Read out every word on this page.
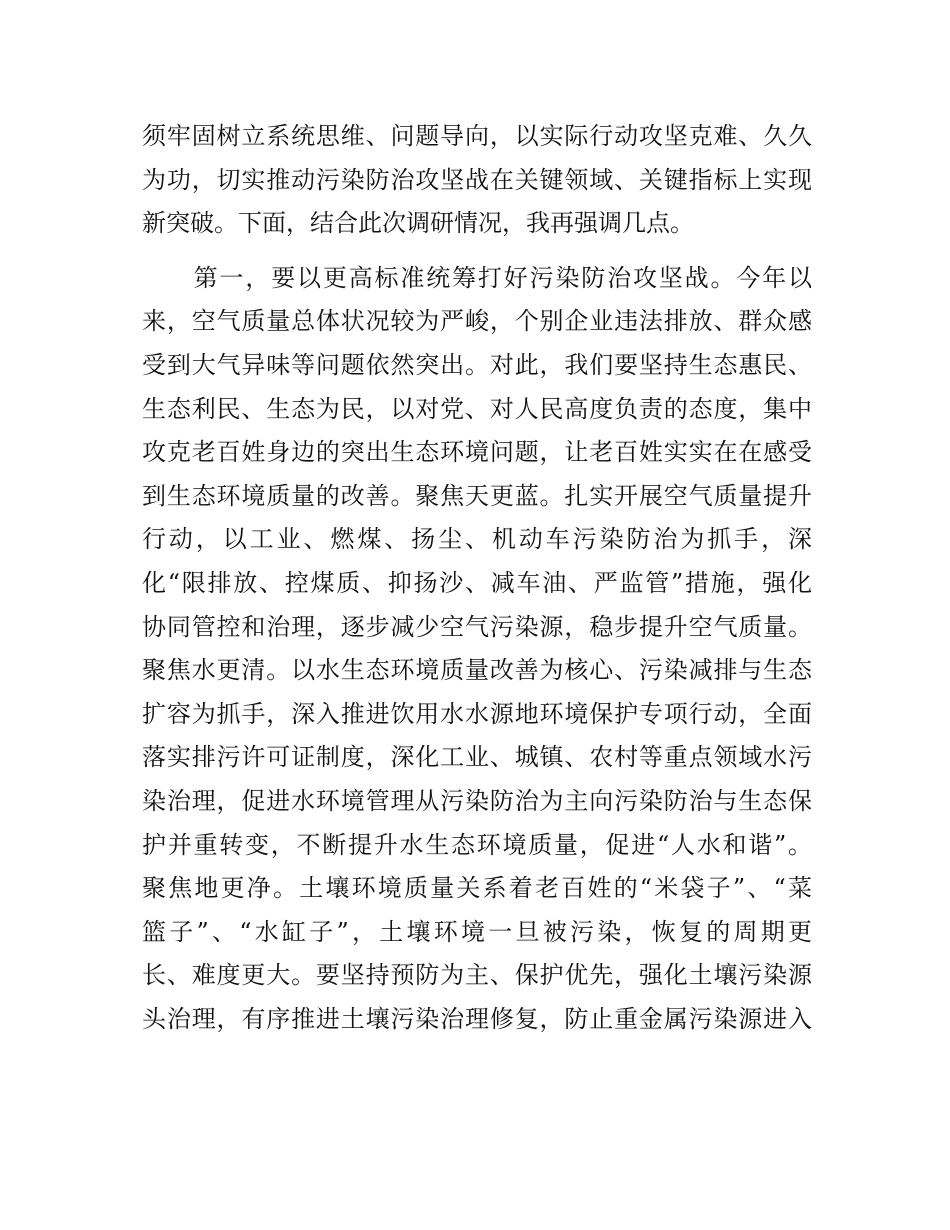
须牢固树立系统思维、问题导向，以实际行动攻坚克难、久久
为功，切实推动污染防治攻坚战在关键领域、关键指标上实现
新突破。下面，结合此次调研情况，我再强调几点。
　　第一，要以更高标准统筹打好污染防治攻坚战。今年以
来，空气质量总体状况较为严峻，个别企业违法排放、群众感
受到大气异味等问题依然突出。对此，我们要坚持生态惠民、
生态利民、生态为民，以对党、对人民高度负责的态度，集中
攻克老百姓身边的突出生态环境问题，让老百姓实实在在感受
到生态环境质量的改善。聚焦天更蓝。扎实开展空气质量提升
行动，以工业、燃煤、扬尘、机动车污染防治为抓手，深
化“限排放、控煤质、抑扬沙、减车油、严监管”措施，强化
协同管控和治理，逐步减少空气污染源，稳步提升空气质量。
聚焦水更清。以水生态环境质量改善为核心、污染减排与生态
扩容为抓手，深入推进饮用水水源地环境保护专项行动，全面
落实排污许可证制度，深化工业、城镇、农村等重点领域水污
染治理，促进水环境管理从污染防治为主向污染防治与生态保
护并重转变，不断提升水生态环境质量，促进“人水和谐”。
聚焦地更净。土壤环境质量关系着老百姓的“米袋子”、“菜
篮子”、“水缸子”，土壤环境一旦被污染，恢复的周期更
长、难度更大。要坚持预防为主、保护优先，强化土壤污染源
头治理，有序推进土壤污染治理修复，防止重金属污染源进入
